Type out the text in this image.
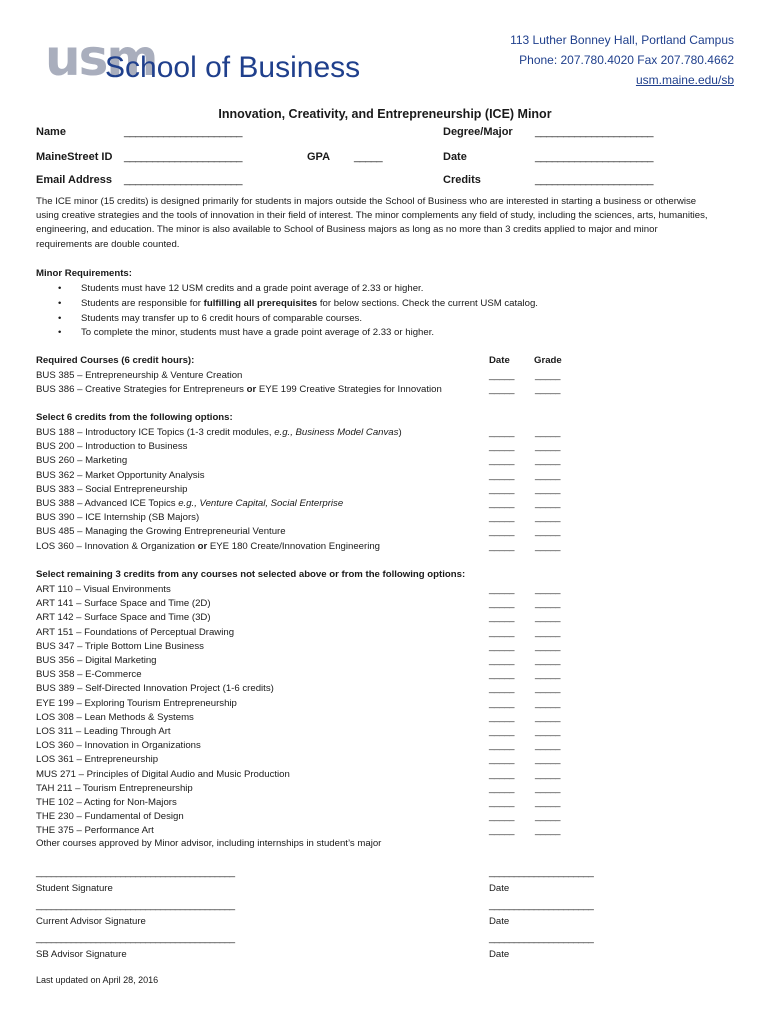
usm
School of Business
113 Luther Bonney Hall, Portland Campus
Phone: 207.780.4020 Fax 207.780.4662
usm.maine.edu/sb
Innovation, Creativity, and Entrepreneurship (ICE) Minor
Name	_____________________	Degree/Major _____________________
MaineStreet ID _____________________	GPA _____	Date	_____________________
Email Address _____________________	Credits	_____________________
The ICE minor (15 credits) is designed primarily for students in majors outside the School of Business who are interested in starting a business or otherwise using creative strategies and the tools of innovation in their field of interest. The minor complements any field of study, including the sciences, arts, humanities, engineering, and education. The minor is also available to School of Business majors as long as no more than 3 credits applied to major and minor requirements are double counted.
Minor Requirements:
• Students must have 12 USM credits and a grade point average of 2.33 or higher.
• Students are responsible for fulfilling all prerequisites for below sections. Check the current USM catalog.
• Students may transfer up to 6 credit hours of comparable courses.
• To complete the minor, students must have a grade point average of 2.33 or higher.
Required Courses (6 credit hours):	Date	Grade
BUS 385 – Entrepreneurship & Venture Creation	_____ _____
BUS 386 – Creative Strategies for Entrepreneurs or EYE 199 Creative Strategies for Innovation	_____ _____
Select 6 credits from the following options:
BUS 188 – Introductory ICE Topics (1-3 credit modules, e.g., Business Model Canvas)	_____ _____
BUS 200 – Introduction to Business	_____ _____
BUS 260 – Marketing	_____ _____
BUS 362 – Market Opportunity Analysis	_____ _____
BUS 383 – Social Entrepreneurship	_____ _____
BUS 388 – Advanced ICE Topics e.g., Venture Capital, Social Enterprise	_____ _____
BUS 390 – ICE Internship (SB Majors)	_____ _____
BUS 485 – Managing the Growing Entrepreneurial Venture	_____ _____
LOS 360 – Innovation & Organization or EYE 180 Create/Innovation Engineering	_____ _____
Select remaining 3 credits from any courses not selected above or from the following options:
ART 110 – Visual Environments	_____ _____
ART 141 – Surface Space and Time (2D)	_____ _____
ART 142 – Surface Space and Time (3D)	_____ _____
ART 151 – Foundations of Perceptual Drawing	_____ _____
BUS 347 – Triple Bottom Line Business	_____ _____
BUS 356 – Digital Marketing	_____ _____
BUS 358 – E-Commerce	_____ _____
BUS 389 – Self-Directed Innovation Project (1-6 credits)	_____ _____
EYE 199 – Exploring Tourism Entrepreneurship	_____ _____
LOS 308 – Lean Methods & Systems	_____ _____
LOS 311 – Leading Through Art	_____ _____
LOS 360 – Innovation in Organizations	_____ _____
LOS 361 – Entrepreneurship	_____ _____
MUS 271 – Principles of Digital Audio and Music Production	_____ _____
TAH 211 – Tourism Entrepreneurship	_____ _____
THE 102 – Acting for Non-Majors	_____ _____
THE 230 – Fundamental of Design	_____ _____
THE 375 – Performance Art	_____ _____
Other courses approved by Minor advisor, including internships in student’s major
________________________________________	_____________________
Student Signature	Date
________________________________________	_____________________
Current Advisor Signature	Date
________________________________________	_____________________
SB Advisor Signature	Date
Last updated on April 28, 2016
